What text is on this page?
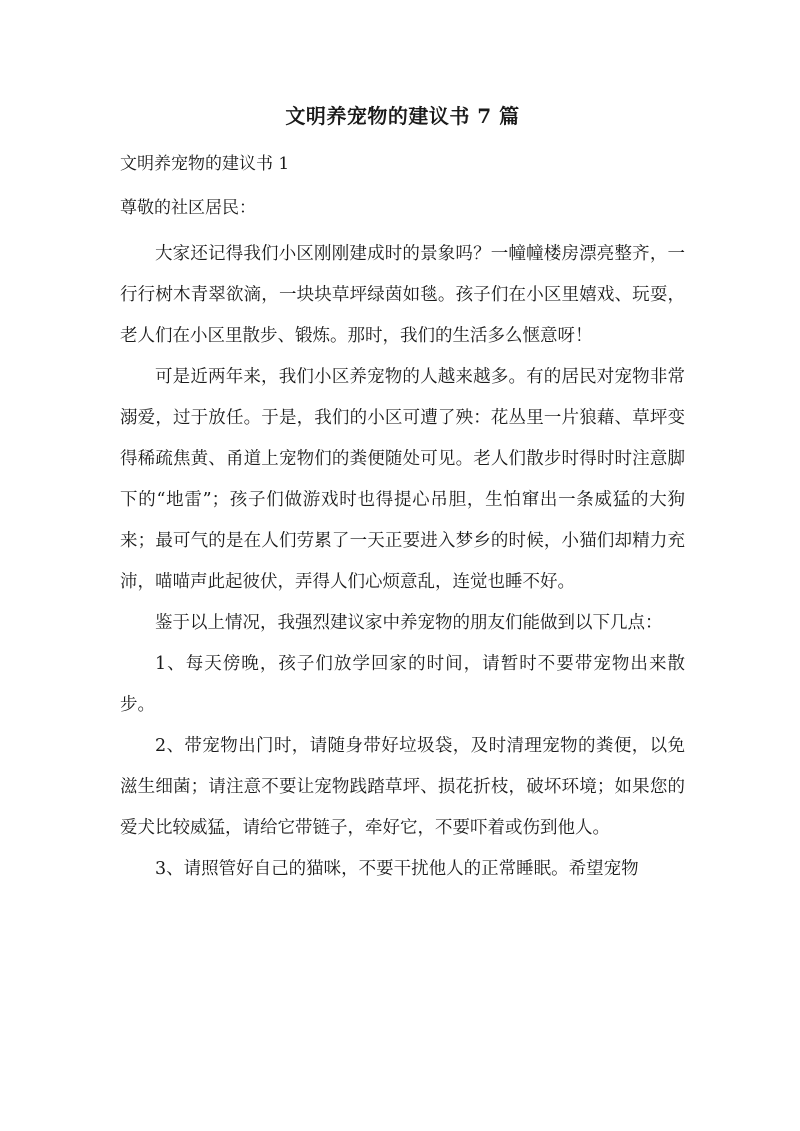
文明养宠物的建议书 7 篇

文明养宠物的建议书 1

尊敬的社区居民：

大家还记得我们小区刚刚建成时的景象吗？一幢幢楼房漂亮整齐，一行行树木青翠欲滴，一块块草坪绿茵如毯。孩子们在小区里嬉戏、玩耍，老人们在小区里散步、锻炼。那时，我们的生活多么惬意呀！

可是近两年来，我们小区养宠物的人越来越多。有的居民对宠物非常溺爱，过于放任。于是，我们的小区可遭了殃：花丛里一片狼藉、草坪变得稀疏焦黄、甬道上宠物们的粪便随处可见。老人们散步时得时时注意脚下的“地雷”；孩子们做游戏时也得提心吊胆，生怕窜出一条威猛的大狗来；最可气的是在人们劳累了一天正要进入梦乡的时候，小猫们却精力充沛，喵喵声此起彼伏，弄得人们心烦意乱，连觉也睡不好。

鉴于以上情况，我强烈建议家中养宠物的朋友们能做到以下几点：

1、每天傍晚，孩子们放学回家的时间，请暂时不要带宠物出来散步。

2、带宠物出门时，请随身带好垃圾袋，及时清理宠物的粪便，以免滋生细菌；请注意不要让宠物践踏草坪、损花折枝，破坏环境；如果您的爱犬比较威猛，请给它带链子，牵好它，不要吓着或伤到他人。

3、请照管好自己的猫咪，不要干扰他人的正常睡眠。希望宠物
